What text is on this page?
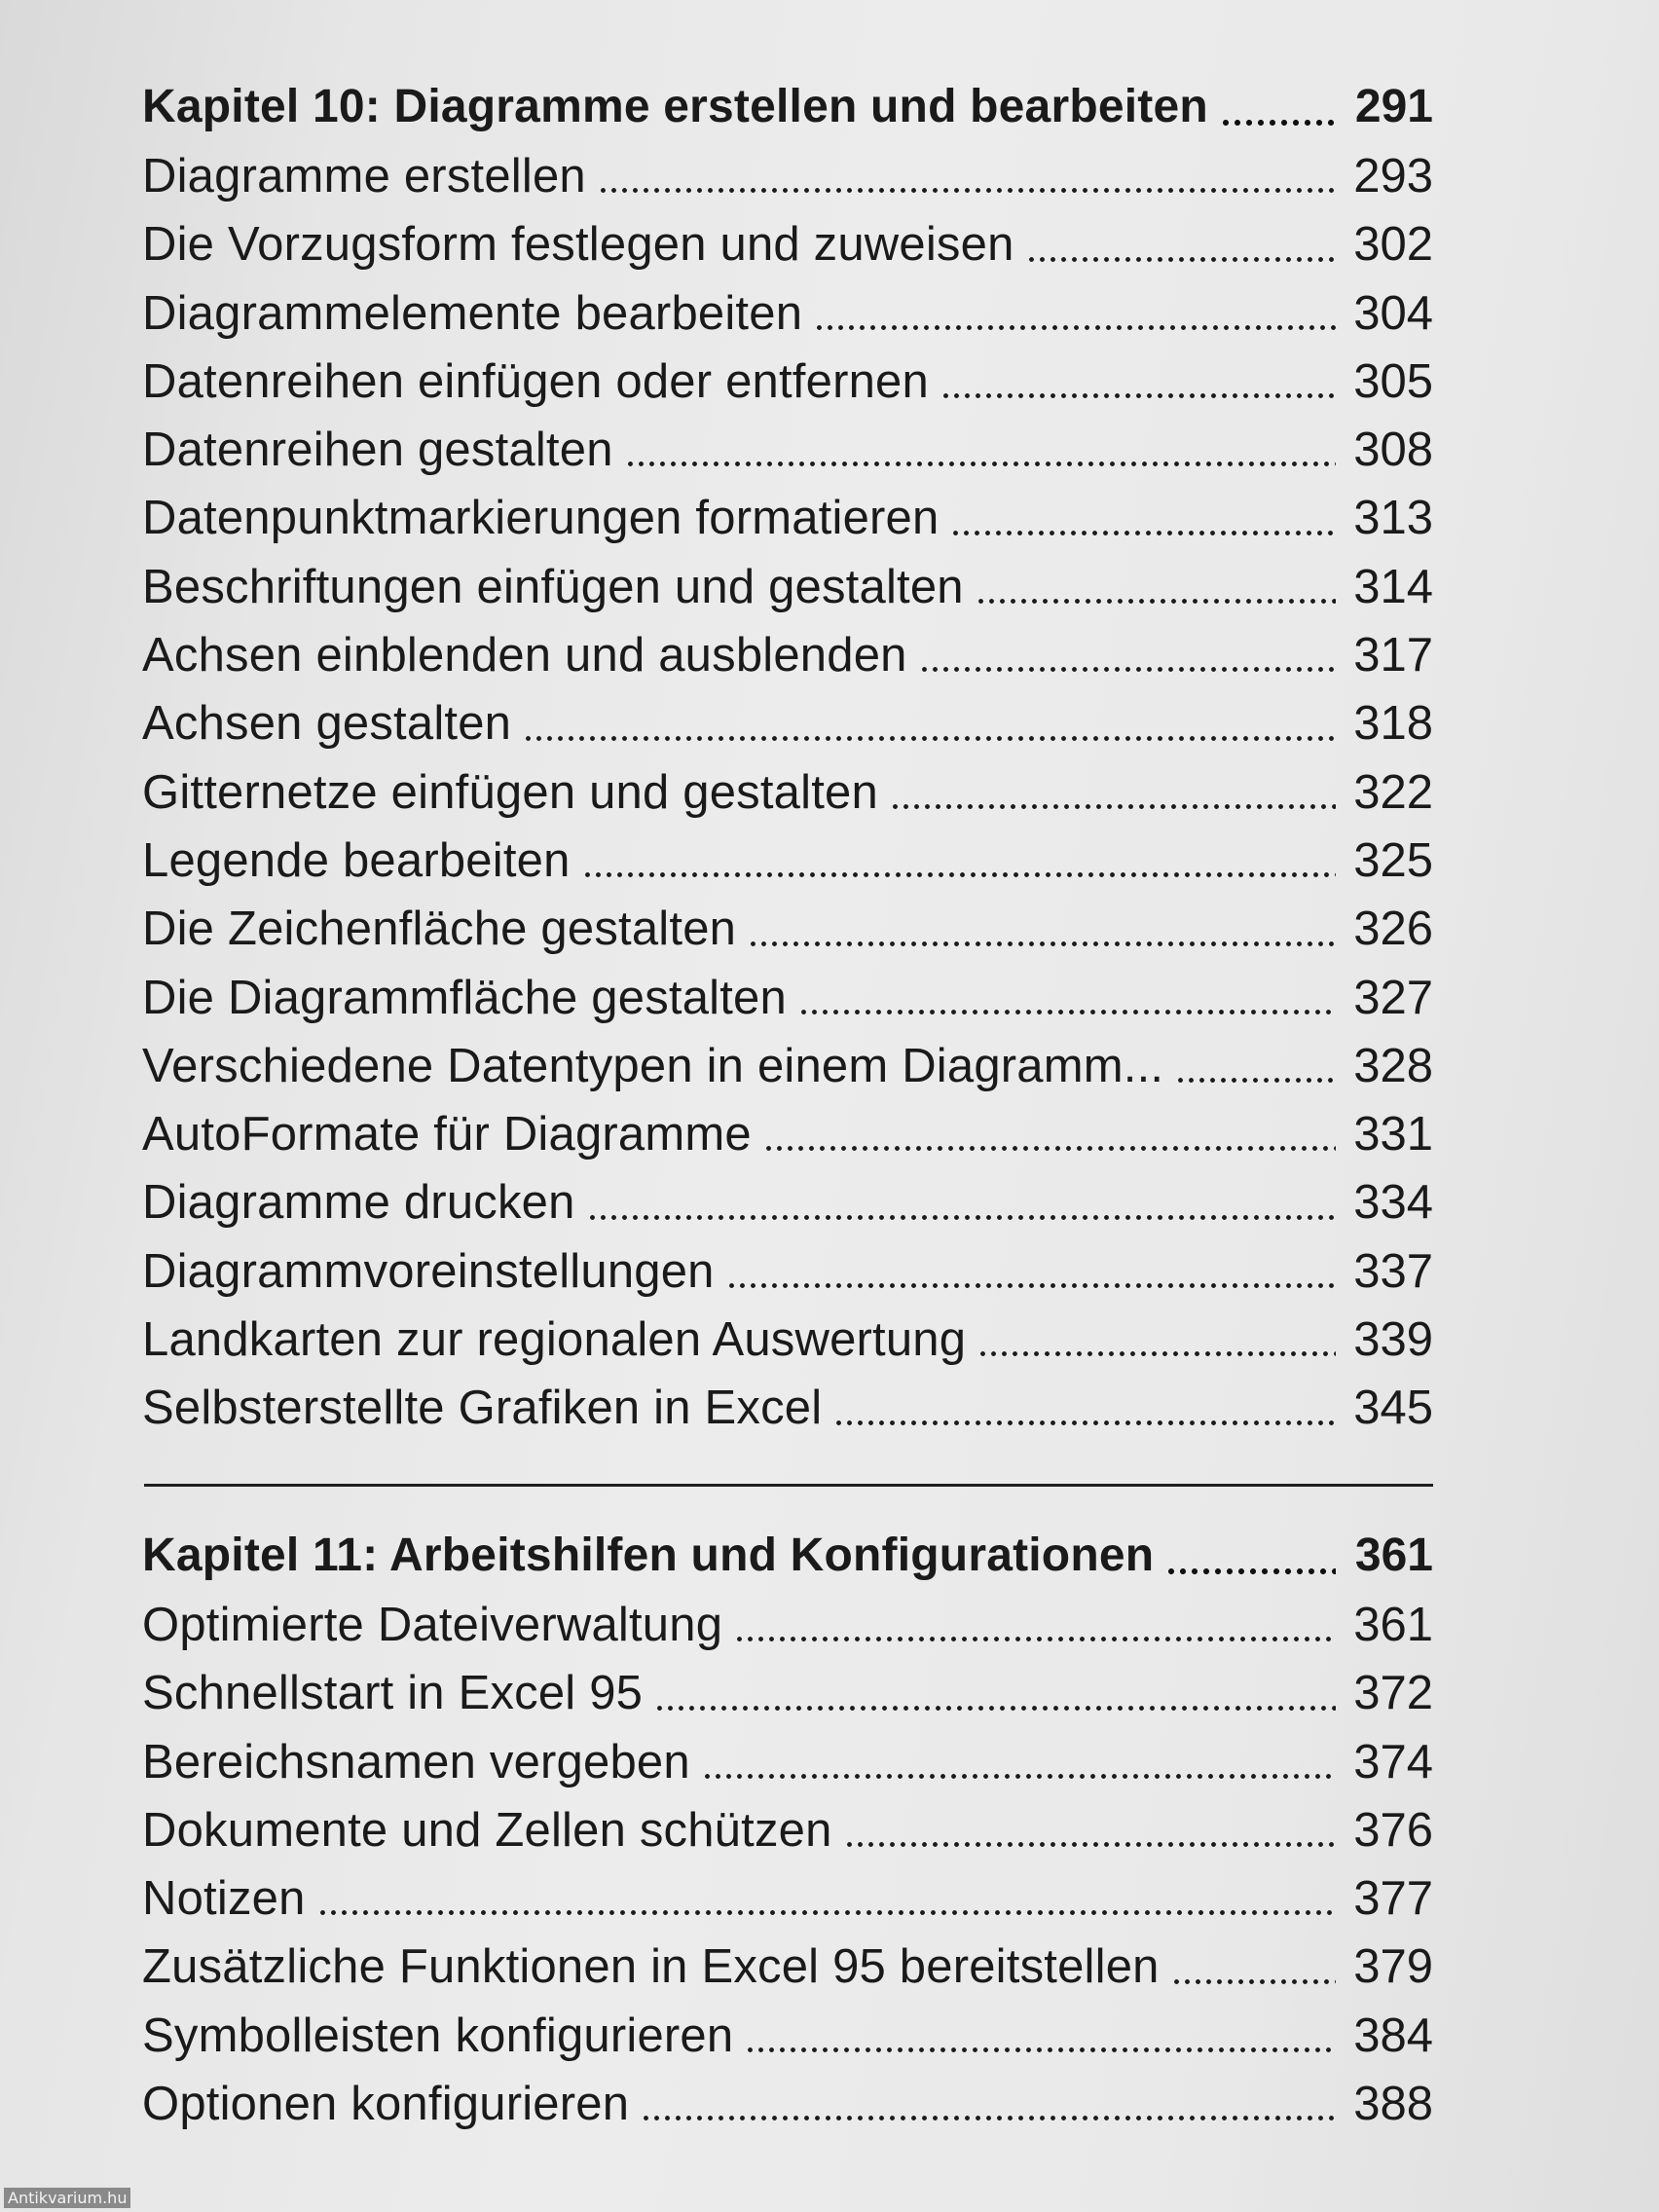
Kapitel 10: Diagramme erstellen und bearbeiten	291
Diagramme erstellen	293
Die Vorzugsform festlegen und zuweisen	302
Diagrammelemente bearbeiten	304
Datenreihen einfügen oder entfernen	305
Datenreihen gestalten	308
Datenpunktmarkierungen formatieren	313
Beschriftungen einfügen und gestalten	314
Achsen einblenden und ausblenden	317
Achsen gestalten	318
Gitternetze einfügen und gestalten	322
Legende bearbeiten	325
Die Zeichenfläche gestalten	326
Die Diagrammfläche gestalten	327
Verschiedene Datentypen in einem Diagramm...	328
AutoFormate für Diagramme	331
Diagramme drucken	334
Diagrammvoreinstellungen	337
Landkarten zur regionalen Auswertung	339
Selbsterstellte Grafiken in Excel	345
Kapitel 11: Arbeitshilfen und Konfigurationen	361
Optimierte Dateiverwaltung	361
Schnellstart in Excel 95	372
Bereichsnamen vergeben	374
Dokumente und Zellen schützen	376
Notizen	377
Zusätzliche Funktionen in Excel 95 bereitstellen	379
Symbolleisten konfigurieren	384
Optionen konfigurieren	388
Antikvarium.hu
